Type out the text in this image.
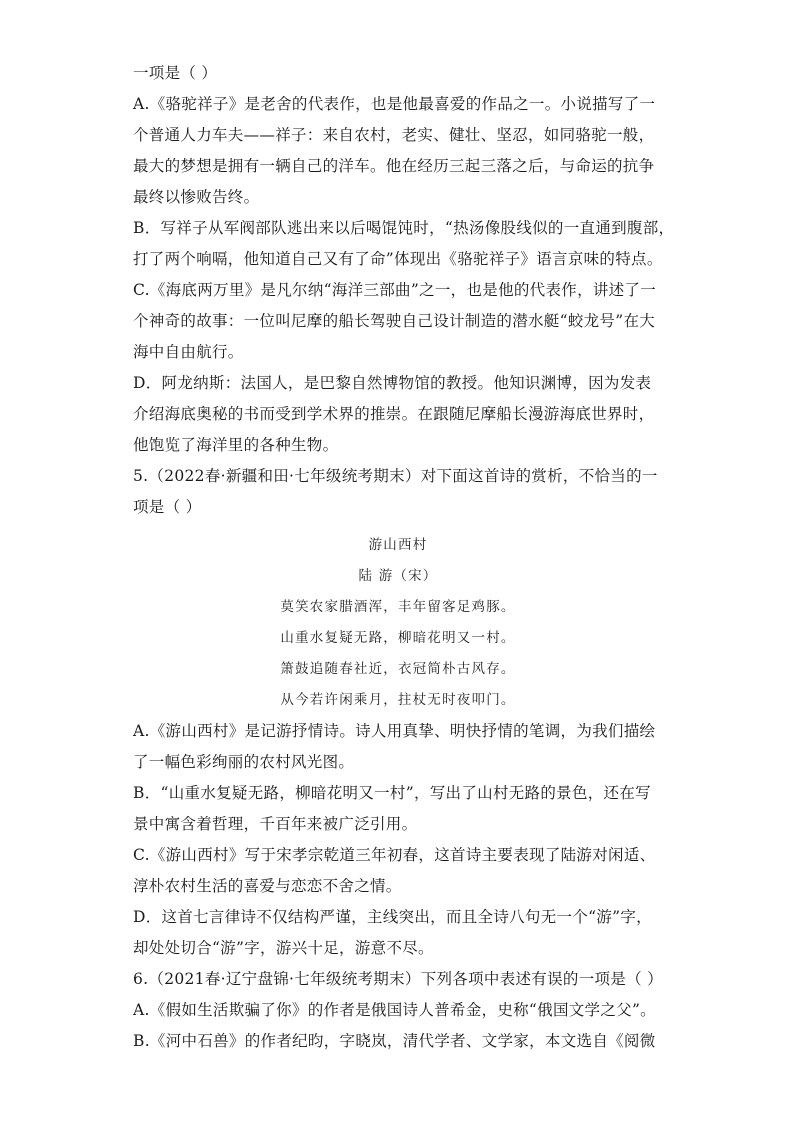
一项是（ ）
A.《骆驼祥子》是老舍的代表作，也是他最喜爱的作品之一。小说描写了一
个普通人力车夫——祥子：来自农村，老实、健壮、坚忍，如同骆驼一般，
最大的梦想是拥有一辆自己的洋车。他在经历三起三落之后，与命运的抗争
最终以惨败告终。
B．写祥子从军阀部队逃出来以后喝馄饨时，“热汤像股线似的一直通到腹部，
打了两个响嗝，他知道自己又有了命”体现出《骆驼祥子》语言京味的特点。
C.《海底两万里》是凡尔纳“海洋三部曲”之一，也是他的代表作，讲述了一
个神奇的故事：一位叫尼摩的船长驾驶自己设计制造的潜水艇“蛟龙号”在大
海中自由航行。
D．阿龙纳斯：法国人，是巴黎自然博物馆的教授。他知识渊博，因为发表
介绍海底奥秘的书而受到学术界的推崇。在跟随尼摩船长漫游海底世界时，
他饱览了海洋里的各种生物。
5.（2022春·新疆和田·七年级统考期末）对下面这首诗的赏析，不恰当的一
项是（ ）
游山西村
陆 游（宋）
莫笑农家腊酒浑，丰年留客足鸡豚。
山重水复疑无路，柳暗花明又一村。
箫鼓追随春社近，衣冠简朴古风存。
从今若许闲乘月，拄杖无时夜叩门。
A.《游山西村》是记游抒情诗。诗人用真挚、明快抒情的笔调，为我们描绘
了一幅色彩绚丽的农村风光图。
B．“山重水复疑无路，柳暗花明又一村”，写出了山村无路的景色，还在写
景中寓含着哲理，千百年来被广泛引用。
C.《游山西村》写于宋孝宗乾道三年初春，这首诗主要表现了陆游对闲适、
淳朴农村生活的喜爱与恋恋不舍之情。
D．这首七言律诗不仅结构严谨，主线突出，而且全诗八句无一个“游”字，
却处处切合“游”字，游兴十足，游意不尽。
6.（2021春·辽宁盘锦·七年级统考期末）下列各项中表述有误的一项是（ ）
A.《假如生活欺骗了你》的作者是俄国诗人普希金，史称“俄国文学之父”。
B.《河中石兽》的作者纪昀，字晓岚，清代学者、文学家，本文选自《阅微
